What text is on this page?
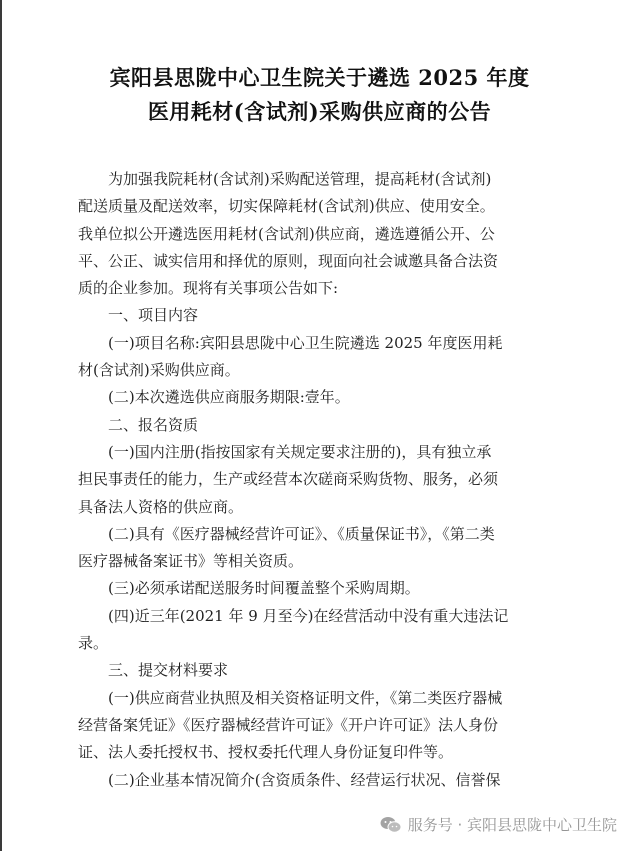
宾阳县思陇中心卫生院关于遴选 2025 年度
医用耗材(含试剂)采购供应商的公告
为加强我院耗材(含试剂)采购配送管理，提高耗材(含试剂)
配送质量及配送效率，切实保障耗材(含试剂)供应、使用安全。
我单位拟公开遴选医用耗材(含试剂)供应商，遴选遵循公开、公
平、公正、诚实信用和择优的原则，现面向社会诚邀具备合法资
质的企业参加。现将有关事项公告如下:
一、项目内容
(一)项目名称:宾阳县思陇中心卫生院遴选 2025 年度医用耗
材(含试剂)采购供应商。
(二)本次遴选供应商服务期限:壹年。
二、报名资质
(一)国内注册(指按国家有关规定要求注册的)，具有独立承
担民事责任的能力，生产或经营本次磋商采购货物、服务，必须
具备法人资格的供应商。
(二)具有《医疗器械经营许可证》、《质量保证书》，《第二类
医疗器械备案证书》等相关资质。
(三)必须承诺配送服务时间覆盖整个采购周期。
(四)近三年(2021 年 9 月至今)在经营活动中没有重大违法记
录。
三、提交材料要求
(一)供应商营业执照及相关资格证明文件，《第二类医疗器械
经营备案凭证》《医疗器械经营许可证》《开户许可证》法人身份
证、法人委托授权书、授权委托代理人身份证复印件等。
(二)企业基本情况简介(含资质条件、经营运行状况、信誉保
服务号 · 宾阳县思陇中心卫生院
